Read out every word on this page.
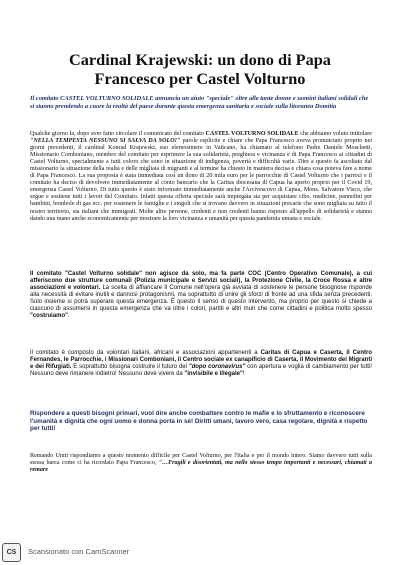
Cardinal Krajewski: un dono di Papa
Francesco per Castel Volturno

Il comitato CASTEL VOLTURNO SOLIDALE annuncia un aiuto "speciale" oltre alle tante donne e uomini italiani solidali che si stanno prendendo a cuore la realtà del paese durante questa emergenza sanitaria e sociale sulla litoranea Domitia

Qualche giorno fa, dopo aver fatto circolare il comunicato del comitato CASTEL VOLTURNO SOLIDALE che abbiamo voluto intitolare "NELLA TEMPESTA NESSUNO SI SALVA DA SOLO!" parole esplicite e chiare che Papa Francesco aveva pronunciato proprio nei giorni precedenti, il cardinal Konrad Krajewski, suo elemosiniere in Vaticano, ha chiamato al telefono Padre Daniele Moschetti, Missionario Comboniano, membro del comitato per esprimere la sua solidarietà, preghiera e vicinanza e di Papa Francesco ai cittadini di Castel Volturno, specialmente a tutti coloro che sono in situazione di indigenza, povertà e difficoltà varie. Dire a questo fa ascoltato dal missionario la situazione della realtà e delle migliaia di migranti e al termine ha chiesto in maniera decisa e chiara cosa poteva fare a nome di Papa Francesco. La sua proposta è stata immediata così un dono di 20 mila euro per le parrocchie di Castel Volturno che i parroci e il comitato ha deciso di devolvere immediatamente al conto bancario che la Caritas diocesana di Capua ha aperto proprio per il Covid 19, emergenza Castel Volturno. Di tutto questo è stato informato immediatamente anche l'Arcivescovo di Capua, Mons. Salvatore Visco, che segue e sostiene tutti i lavori del Comitato. Infatti questa offerta speciale sarà impiegata sia per acquistare cibo, medicine, pannolini per bambini, bombole di gas ecc. per sostenere le famiglie e i singoli che si trovano davvero in situazioni precarie che sono migliaia su tutto il nostro territorio, sia italiani che immigrati. Molte altre persone, credenti e non credenti hanno risposto all'appello di solidarietà e stanno dando una mano anche economicamente per mostrare la loro vicinanza e umanità per questa pandemia umana e sociale.

Il comitato "Castel Volturno solidale" non agisce da solo, ma fa parte COC (Centro Operativo Comunale), a cui afferiscono due strutture comunali (Polizia municipale e Servizi sociali), la Protezione Civile, la Croce Rossa e altre associazioni e volontari. La scelta di affiancare Il Comune nell'opera già avviata di sostenere le persone bisognose risponde alla necessità di evitare inutili e dannosi protagonismi, ma soprattutto di unire gli sforzi di fronte ad una sfida senza precedenti. Solo insieme si potrà superare questa emergenza. È questo il senso di questo intervento, ma proprio per questo si chiede a ciascuno di assumersi in questa emergenza che va oltre i colori, partiti e altri muri che come cittadini e politica molto spesso "costruiamo".

Il comitato è composto da volontari italiani, africani e associazioni appartenenti a Caritas di Capua e Caserta, il Centro Fernandes, le Parrocchie, i Missionari Comboniani, il Centro sociale ex canapificio di Caserta, il Movimento dei Migranti e dei Rifugiati. E soprattutto bisogna costruire il futuro del "dopo coronavirus" con apertura e voglia di cambiamento per tutti! Nessuno deve rimanere indietro! Nessuno deve vivere da "invisibile e illegale"!

Rispondere a questi bisogni primari, vuol dire anche combattere contro le mafie e lo sfruttamento e riconoscere l'umanità e dignità che ogni uomo e donna porta in sé! Diritti umani, lavoro vero, casa regolare, dignità e rispetto per tutti!

Remando Uniti rispondiamo a questo momento difficile per Castel Volturno, per l'Italia e per il mondo intero. Siamo davvero tutti sulla stessa barca come ci ha ricordato Papa Francesco, "…Fragili e disorientati, ma nello stesso tempo importanti e necessari, chiamati a remare

CS	Scansionato con CamScanner
